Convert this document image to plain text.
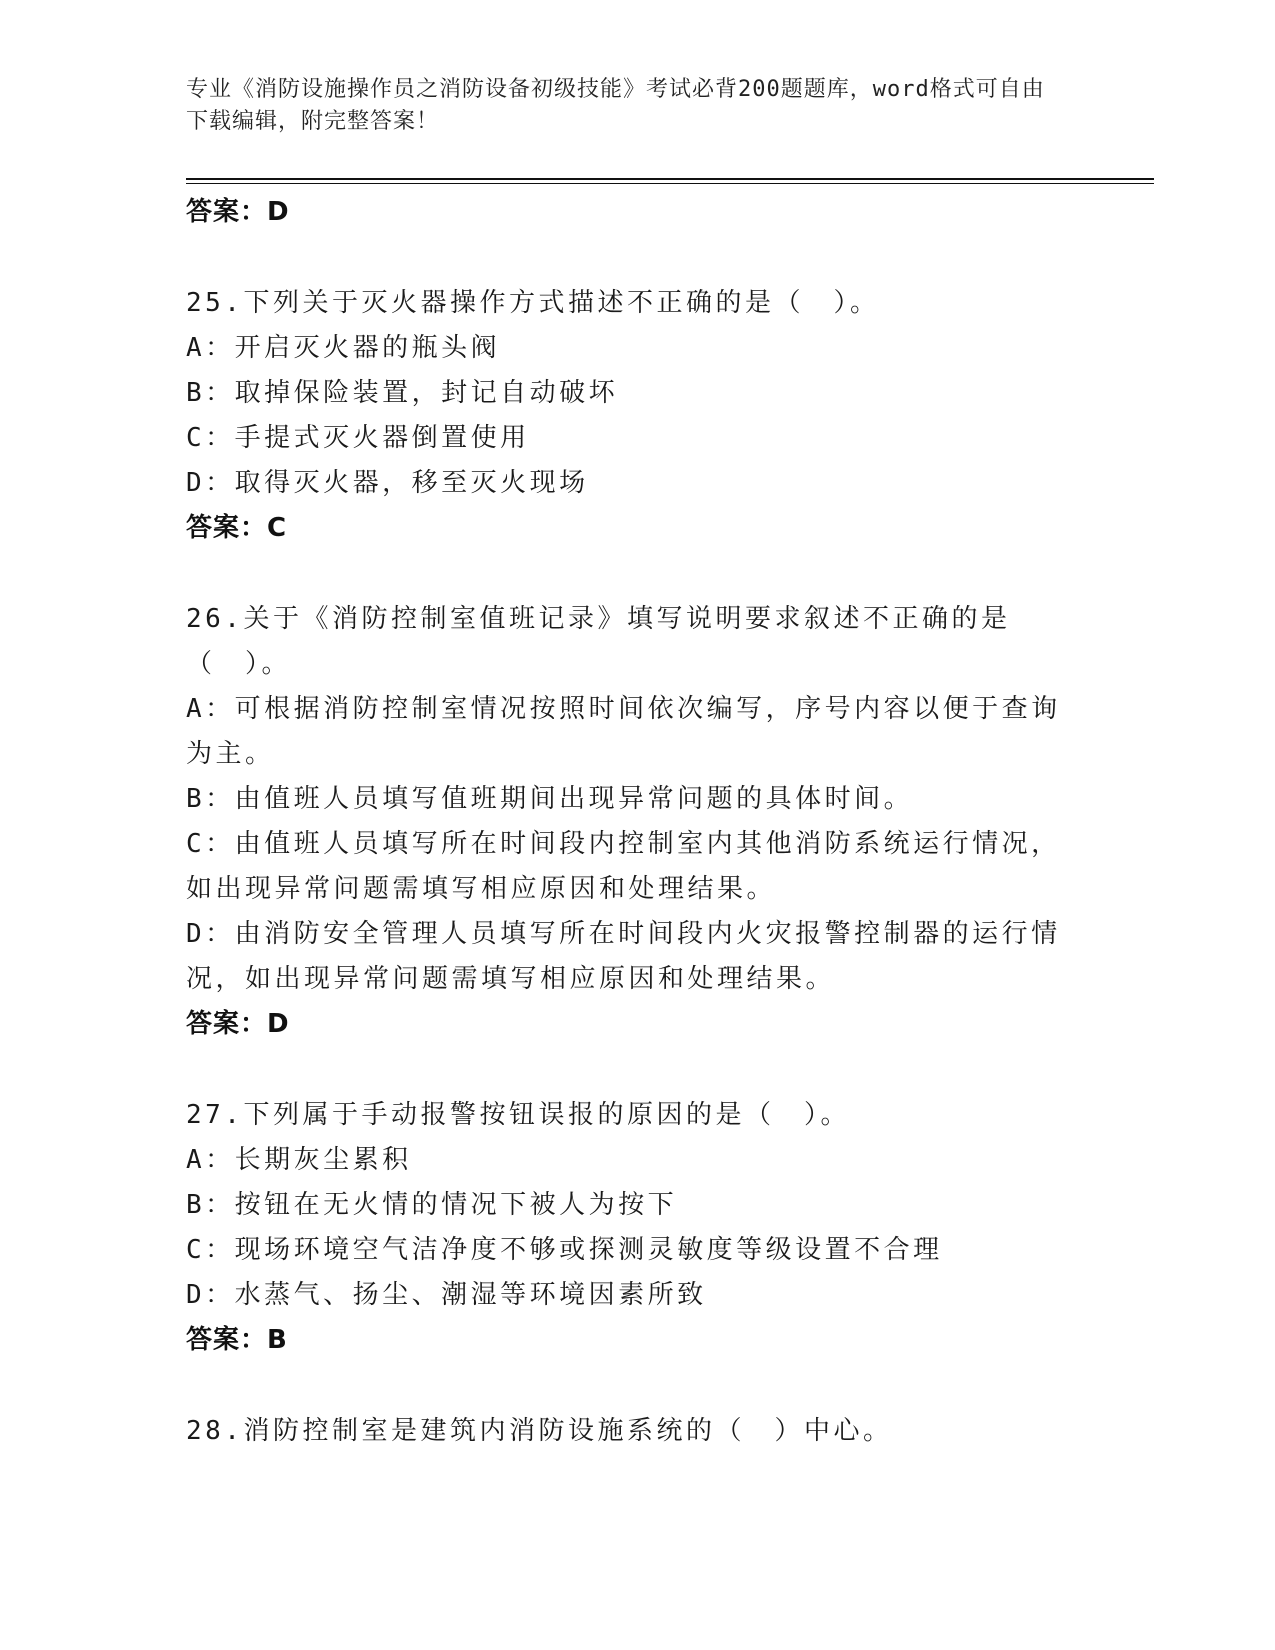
专业《消防设施操作员之消防设备初级技能》考试必背200题题库，word格式可自由下载编辑，附完整答案！
答案：D
25.下列关于灭火器操作方式描述不正确的是（　）。
A：开启灭火器的瓶头阀
B：取掉保险装置，封记自动破坏
C：手提式灭火器倒置使用
D：取得灭火器，移至灭火现场
答案：C
26.关于《消防控制室值班记录》填写说明要求叙述不正确的是（　）。
A：可根据消防控制室情况按照时间依次编写，序号内容以便于查询为主。
B：由值班人员填写值班期间出现异常问题的具体时间。
C：由值班人员填写所在时间段内控制室内其他消防系统运行情况，如出现异常问题需填写相应原因和处理结果。
D：由消防安全管理人员填写所在时间段内火灾报警控制器的运行情况，如出现异常问题需填写相应原因和处理结果。
答案：D
27.下列属于手动报警按钮误报的原因的是（　）。
A：长期灰尘累积
B：按钮在无火情的情况下被人为按下
C：现场环境空气洁净度不够或探测灵敏度等级设置不合理
D：水蒸气、扬尘、潮湿等环境因素所致
答案：B
28.消防控制室是建筑内消防设施系统的（　）中心。
